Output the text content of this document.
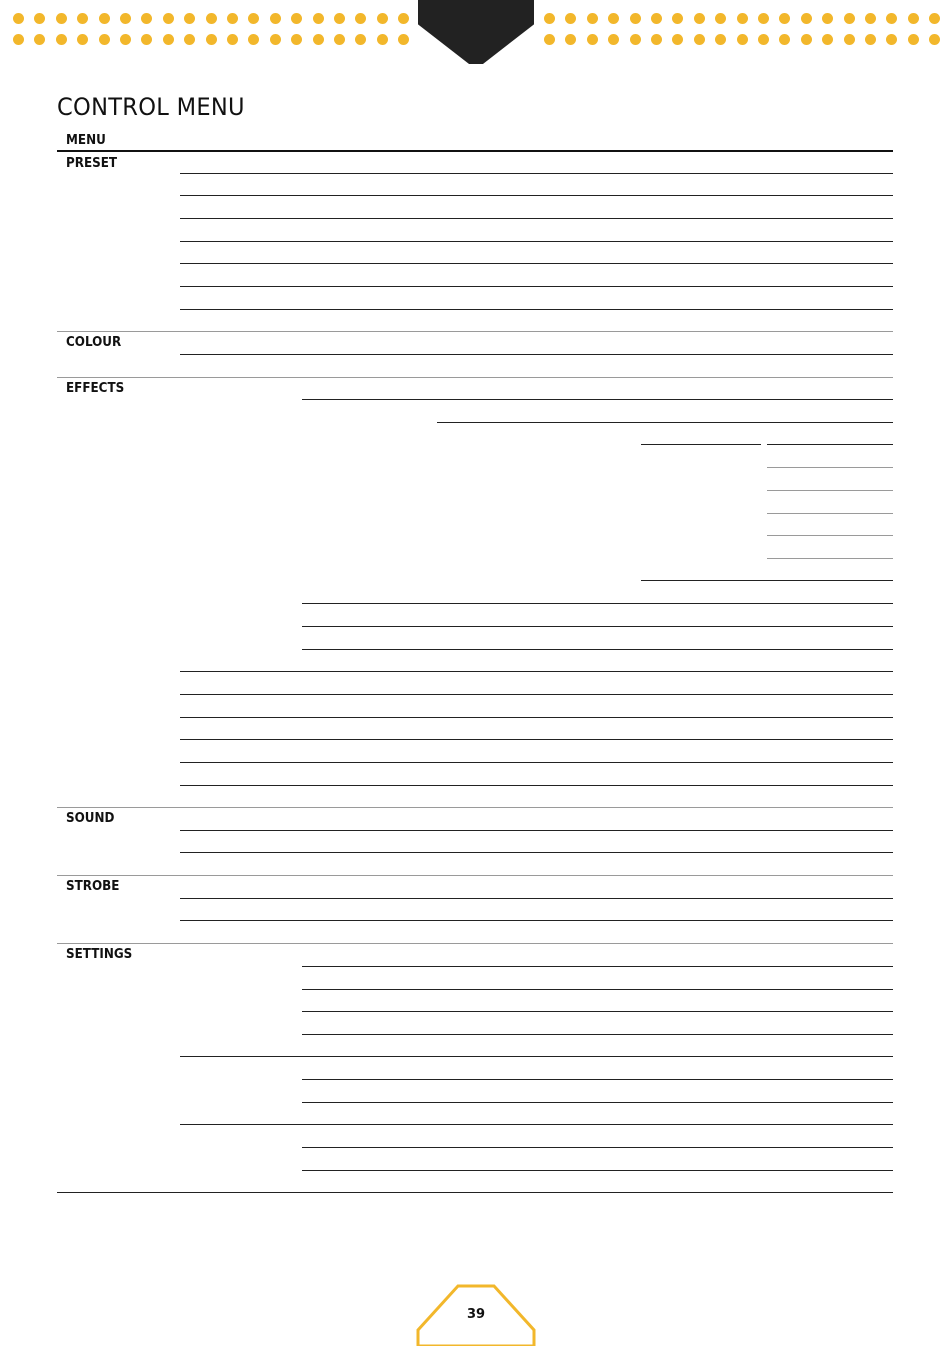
CONTROL MENU
MENU
PRESET
COLOUR
EFFECTS
SOUND
STROBE
SETTINGS
39
